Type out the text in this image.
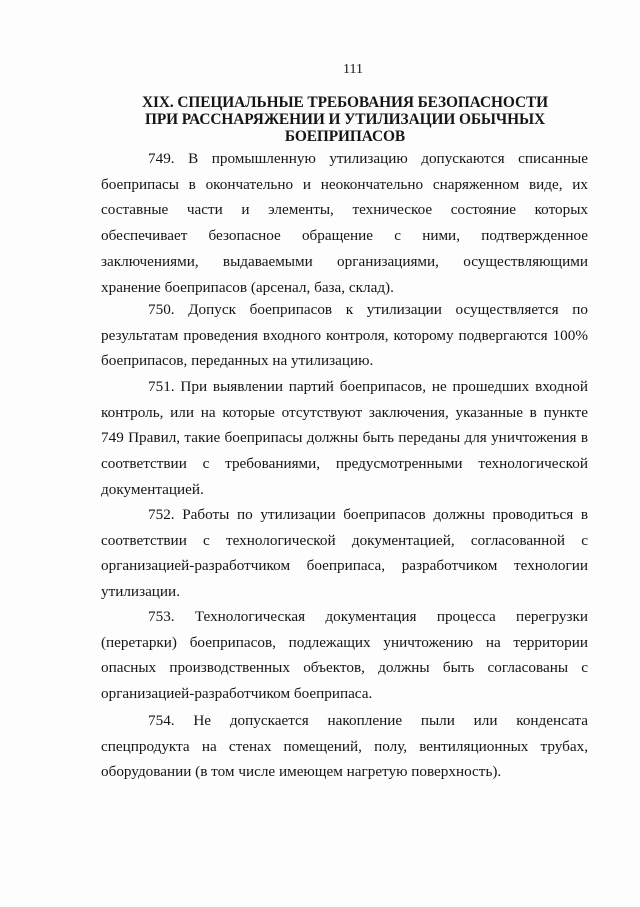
111
XIX. СПЕЦИАЛЬНЫЕ ТРЕБОВАНИЯ БЕЗОПАСНОСТИ
ПРИ РАССНАРЯЖЕНИИ И УТИЛИЗАЦИИ ОБЫЧНЫХ
БОЕПРИПАСОВ

749. В промышленную утилизацию допускаются списанные боеприпасы в окончательно и неокончательно снаряженном виде, их составные части и элементы, техническое состояние которых обеспечивает безопасное обращение с ними, подтвержденное заключениями, выдаваемыми организациями, осуществляющими хранение боеприпасов (арсенал, база, склад).

750. Допуск боеприпасов к утилизации осуществляется по результатам проведения входного контроля, которому подвергаются 100% боеприпасов, переданных на утилизацию.

751. При выявлении партий боеприпасов, не прошедших входной контроль, или на которые отсутствуют заключения, указанные в пункте 749 Правил, такие боеприпасы должны быть переданы для уничтожения в соответствии с требованиями, предусмотренными технологической документацией.

752. Работы по утилизации боеприпасов должны проводиться в соответствии с технологической документацией, согласованной с организацией-разработчиком боеприпаса, разработчиком технологии утилизации.

753. Технологическая документация процесса перегрузки (перетарки) боеприпасов, подлежащих уничтожению на территории опасных производственных объектов, должны быть согласованы с организацией-разработчиком боеприпаса.

754. Не допускается накопление пыли или конденсата спецпродукта на стенах помещений, полу, вентиляционных трубах, оборудовании (в том числе имеющем нагретую поверхность).
